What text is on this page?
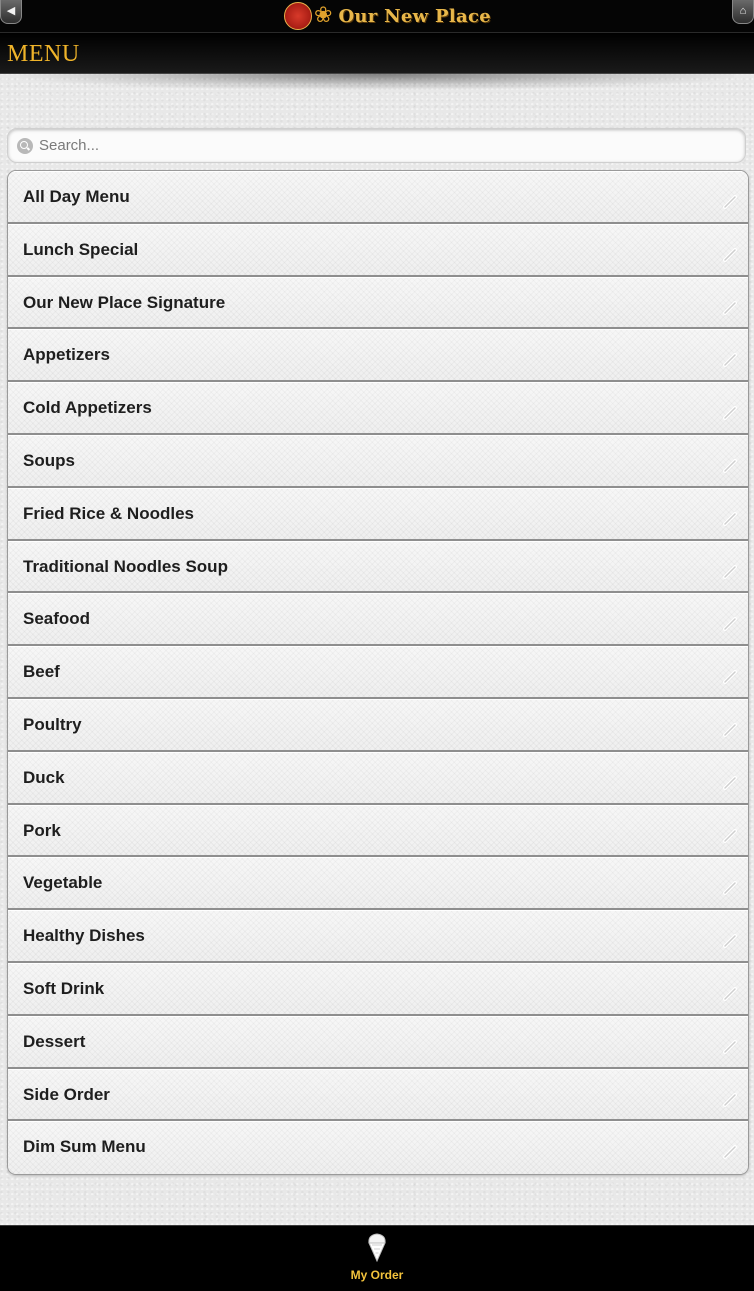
◀	❀ Our New Place	⌂
MENU
Search...
All Day Menu
Lunch Special
Our New Place Signature
Appetizers
Cold Appetizers
Soups
Fried Rice & Noodles
Traditional Noodles Soup
Seafood
Beef
Poultry
Duck
Pork
Vegetable
Healthy Dishes
Soft Drink
Dessert
Side Order
Dim Sum Menu
My Order
